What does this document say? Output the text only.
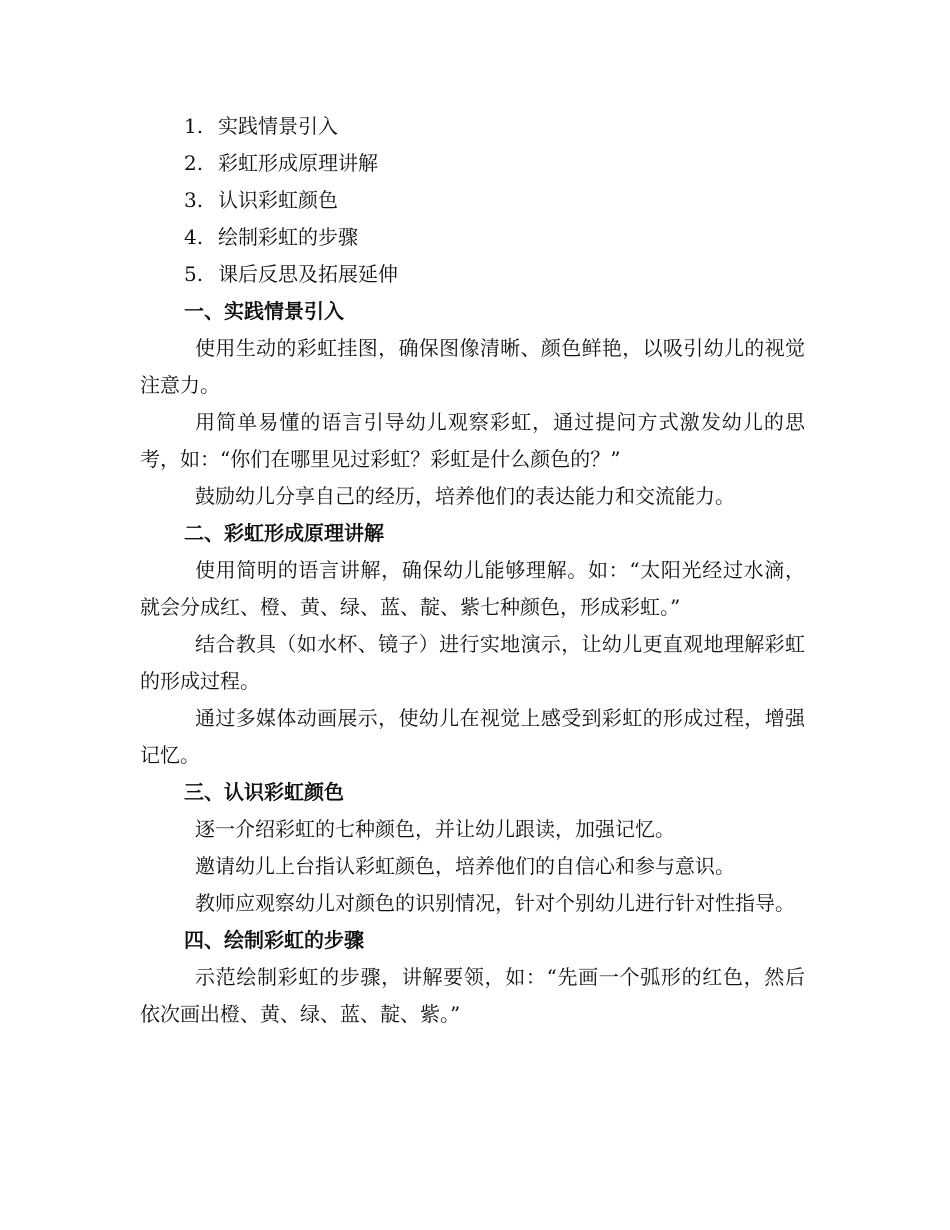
1. 实践情景引入
2. 彩虹形成原理讲解
3. 认识彩虹颜色
4. 绘制彩虹的步骤
5. 课后反思及拓展延伸
一、实践情景引入

使用生动的彩虹挂图，确保图像清晰、颜色鲜艳，以吸引幼儿的视觉注意力。

用简单易懂的语言引导幼儿观察彩虹，通过提问方式激发幼儿的思考，如：“你们在哪里见过彩虹？彩虹是什么颜色的？”

鼓励幼儿分享自己的经历，培养他们的表达能力和交流能力。

二、彩虹形成原理讲解

使用简明的语言讲解，确保幼儿能够理解。如：“太阳光经过水滴，就会分成红、橙、黄、绿、蓝、靛、紫七种颜色，形成彩虹。”

结合教具（如水杯、镜子）进行实地演示，让幼儿更直观地理解彩虹的形成过程。

通过多媒体动画展示，使幼儿在视觉上感受到彩虹的形成过程，增强记忆。

三、认识彩虹颜色

逐一介绍彩虹的七种颜色，并让幼儿跟读，加强记忆。

邀请幼儿上台指认彩虹颜色，培养他们的自信心和参与意识。

教师应观察幼儿对颜色的识别情况，针对个别幼儿进行针对性指导。

四、绘制彩虹的步骤

示范绘制彩虹的步骤，讲解要领，如：“先画一个弧形的红色，然后依次画出橙、黄、绿、蓝、靛、紫。”
